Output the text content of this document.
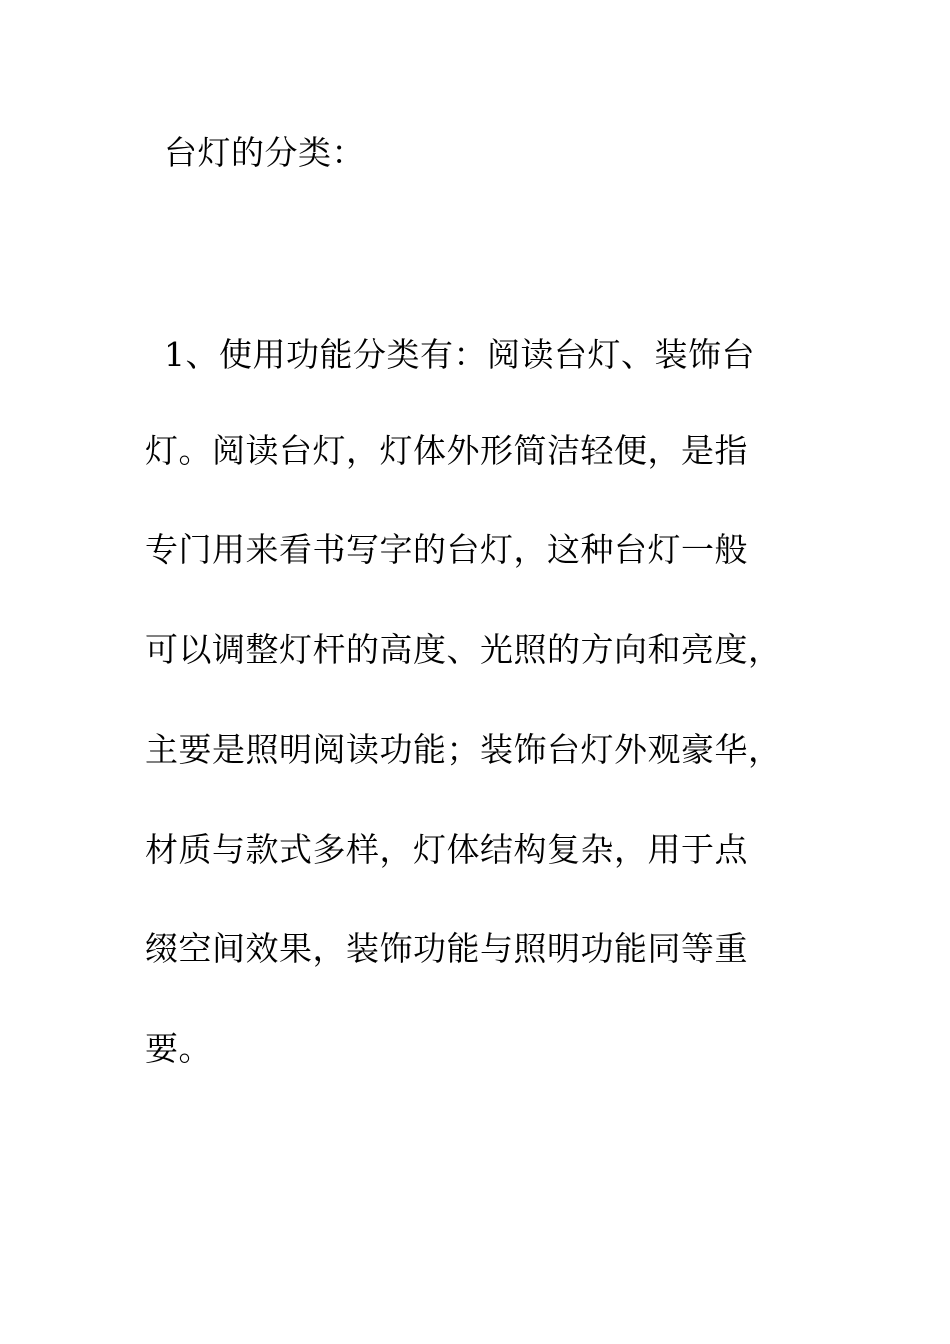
台灯的分类：
1、使用功能分类有：阅读台灯、装饰台
灯。阅读台灯，灯体外形简洁轻便，是指
专门用来看书写字的台灯，这种台灯一般
可以调整灯杆的高度、光照的方向和亮度，
主要是照明阅读功能；装饰台灯外观豪华，
材质与款式多样，灯体结构复杂，用于点
缀空间效果，装饰功能与照明功能同等重
要。
